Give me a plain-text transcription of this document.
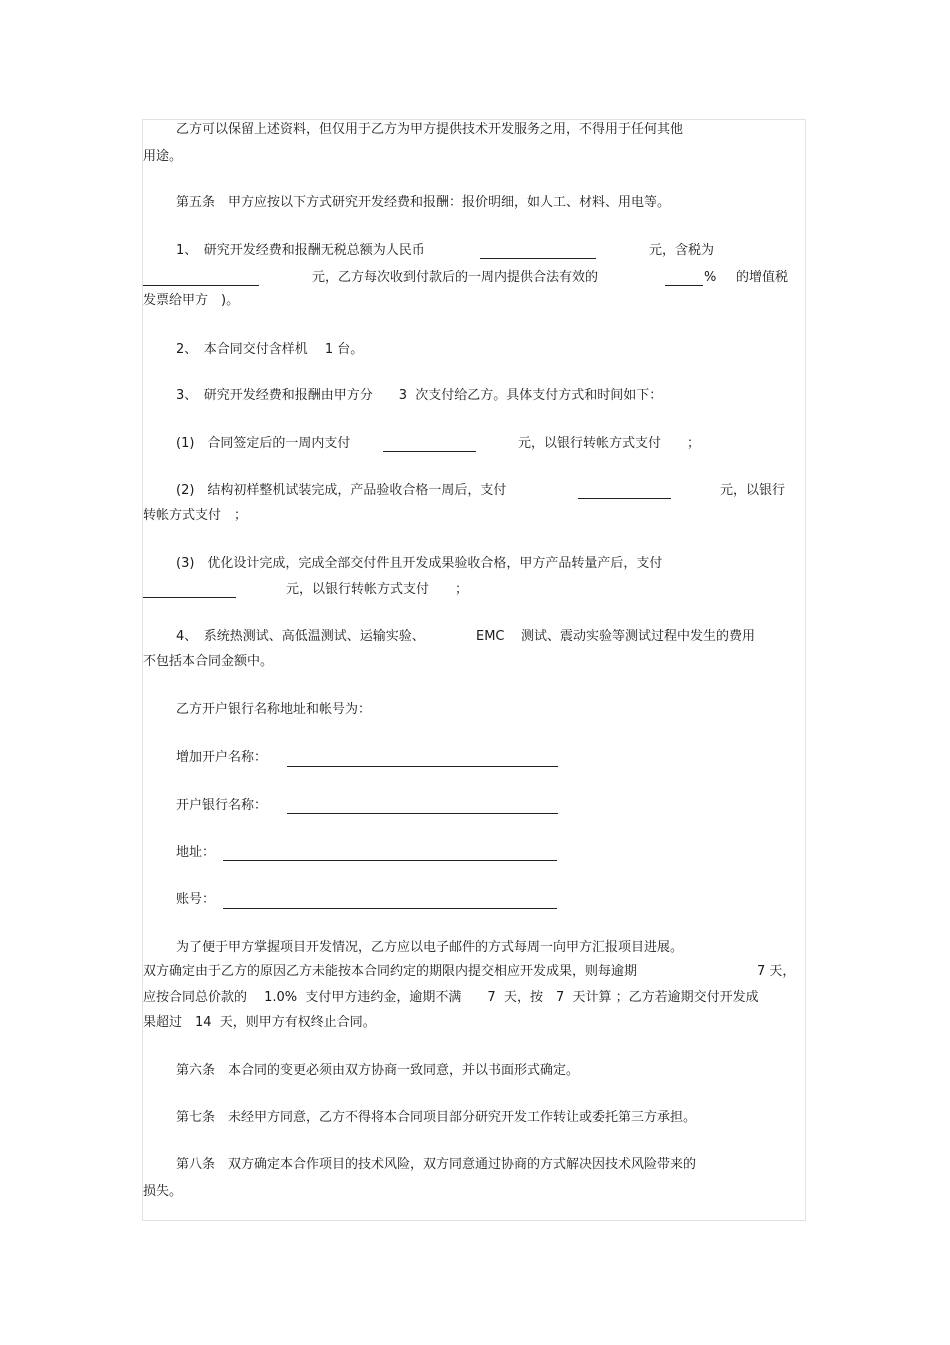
乙方可以保留上述资料，但仅用于乙方为甲方提供技术开发服务之用，不得用于任何其他
用途。
第五条　甲方应按以下方式研究开发经费和报酬：报价明细，如人工、材料、用电等。
1、　研究开发经费和报酬无税总额为人民币	元，含税为
元，乙方每次收到付款后的一周内提供合法有效的	% 的增值税
发票给甲方　)。
2、　本合同交付含样机　 1 台。
3、　研究开发经费和报酬由甲方分　　3  次支付给乙方。具体支付方式和时间如下：
(1)　合同签定后的一周内支付	元，以银行转帐方式支付　　；
(2)　结构初样整机试装完成，产品验收合格一周后，支付	元，以银行
转帐方式支付　；
(3)　优化设计完成，完成全部交付件且开发成果验收合格，甲方产品转量产后，支付
元，以银行转帐方式支付　　；
4、　系统热测试、高低温测试、运输实验、	EMC 测试、震动实验等测试过程中发生的费用
不包括本合同金额中。
乙方开户银行名称地址和帐号为：
增加开户名称：
开户银行名称：
地址：
账号：
为了便于甲方掌握项目开发情况，乙方应以电子邮件的方式每周一向甲方汇报项目进展。
双方确定由于乙方的原因乙方未能按本合同约定的期限内提交相应开发成果，则每逾期	7 天，
应按合同总价款的　 1.0%  支付甲方违约金，逾期不满　　7  天，按　7  天计算 ；乙方若逾期交付开发成
果超过　14  天，则甲方有权终止合同。
第六条　本合同的变更必须由双方协商一致同意，并以书面形式确定。
第七条　未经甲方同意，乙方不得将本合同项目部分研究开发工作转让或委托第三方承担。
第八条　双方确定本合作项目的技术风险，双方同意通过协商的方式解决因技术风险带来的
损失。
